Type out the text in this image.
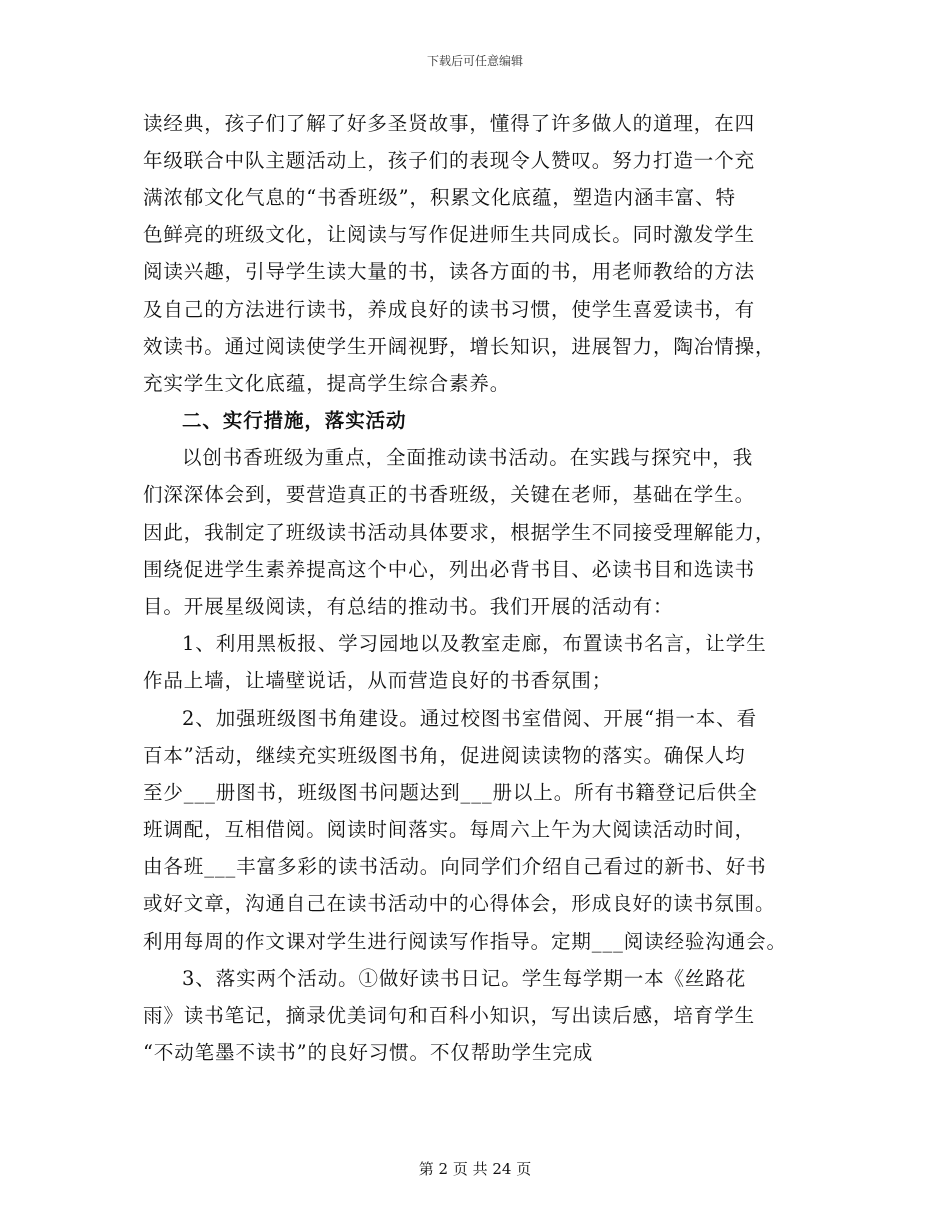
下载后可任意编辑
读经典，孩子们了解了好多圣贤故事，懂得了许多做人的道理，在四
年级联合中队主题活动上，孩子们的表现令人赞叹。努力打造一个充
满浓郁文化气息的“书香班级”，积累文化底蕴，塑造内涵丰富、特
色鲜亮的班级文化，让阅读与写作促进师生共同成长。同时激发学生
阅读兴趣，引导学生读大量的书，读各方面的书，用老师教给的方法
及自己的方法进行读书，养成良好的读书习惯，使学生喜爱读书，有
效读书。通过阅读使学生开阔视野，增长知识，进展智力，陶冶情操，
充实学生文化底蕴，提高学生综合素养。
二、实行措施，落实活动
以创书香班级为重点，全面推动读书活动。在实践与探究中，我
们深深体会到，要营造真正的书香班级，关键在老师，基础在学生。
因此，我制定了班级读书活动具体要求，根据学生不同接受理解能力，
围绕促进学生素养提高这个中心，列出必背书目、必读书目和选读书
目。开展星级阅读，有总结的推动书。我们开展的活动有：
1、利用黑板报、学习园地以及教室走廊，布置读书名言，让学生
作品上墙，让墙壁说话，从而营造良好的书香氛围；
2、加强班级图书角建设。通过校图书室借阅、开展“捐一本、看
百本”活动，继续充实班级图书角，促进阅读读物的落实。确保人均
至少___册图书，班级图书问题达到___册以上。所有书籍登记后供全
班调配，互相借阅。阅读时间落实。每周六上午为大阅读活动时间，
由各班___丰富多彩的读书活动。向同学们介绍自己看过的新书、好书
或好文章，沟通自己在读书活动中的心得体会，形成良好的读书氛围。
利用每周的作文课对学生进行阅读写作指导。定期___阅读经验沟通会。
3、落实两个活动。①做好读书日记。学生每学期一本《丝路花
雨》读书笔记，摘录优美词句和百科小知识，写出读后感，培育学生
“不动笔墨不读书”的良好习惯。不仅帮助学生完成
第 2 页 共 24 页
